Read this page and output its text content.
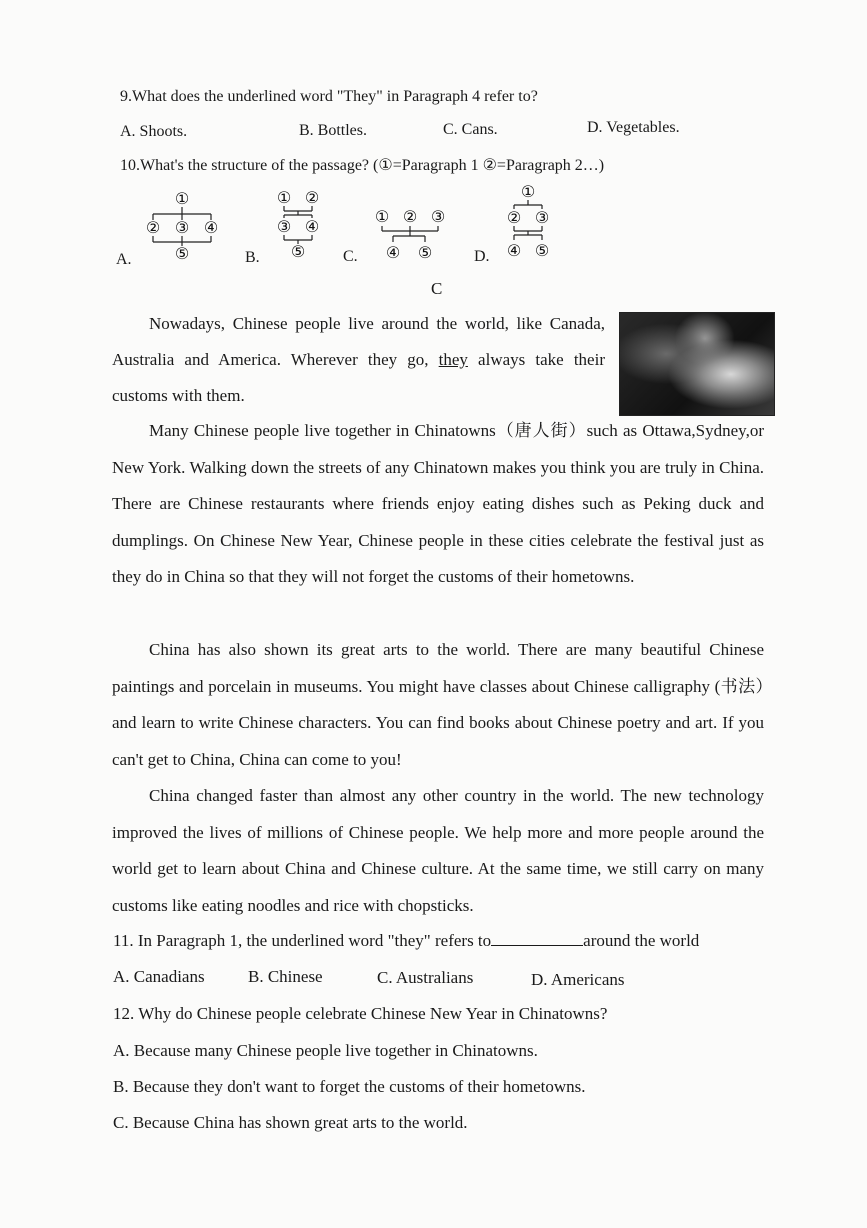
9.What does the underlined word "They" in Paragraph 4 refer to?
A. Shoots.	B. Bottles.	C. Cans.	D. Vegetables.
10.What's the structure of the passage? (①=Paragraph 1 ②=Paragraph 2…)
A.	B.	C.	D.
①
② ③ ④
⑤
① ②
③ ④
⑤
① ② ③
④ ⑤
①
② ③
④ ⑤
C
Nowadays, Chinese people live around the world, like Canada, Australia and America. Wherever they go, they always take their customs with them.
Many Chinese people live together in Chinatowns（唐人街）such as Ottawa,Sydney,or New York. Walking down the streets of any Chinatown makes you think you are truly in China. There are Chinese restaurants where friends enjoy eating dishes such as Peking duck and dumplings. On Chinese New Year, Chinese people in these cities celebrate the festival just as they do in China so that they will not forget the customs of their hometowns.
China has also shown its great arts to the world. There are many beautiful Chinese paintings and porcelain in museums. You might have classes about Chinese calligraphy (书法）and learn to write Chinese characters. You can find books about Chinese poetry and art. If you can't get to China, China can come to you!
China changed faster than almost any other country in the world. The new technology improved the lives of millions of Chinese people. We help more and more people around the world get to learn about China and Chinese culture. At the same time, we still carry on many customs like eating noodles and rice with chopsticks.
11. In Paragraph 1, the underlined word "they" refers to	around the world
A. Canadians	B. Chinese	C. Australians	D. Americans
12. Why do Chinese people celebrate Chinese New Year in Chinatowns?
A. Because many Chinese people live together in Chinatowns.
B. Because they don't want to forget the customs of their hometowns.
C. Because China has shown great arts to the world.
